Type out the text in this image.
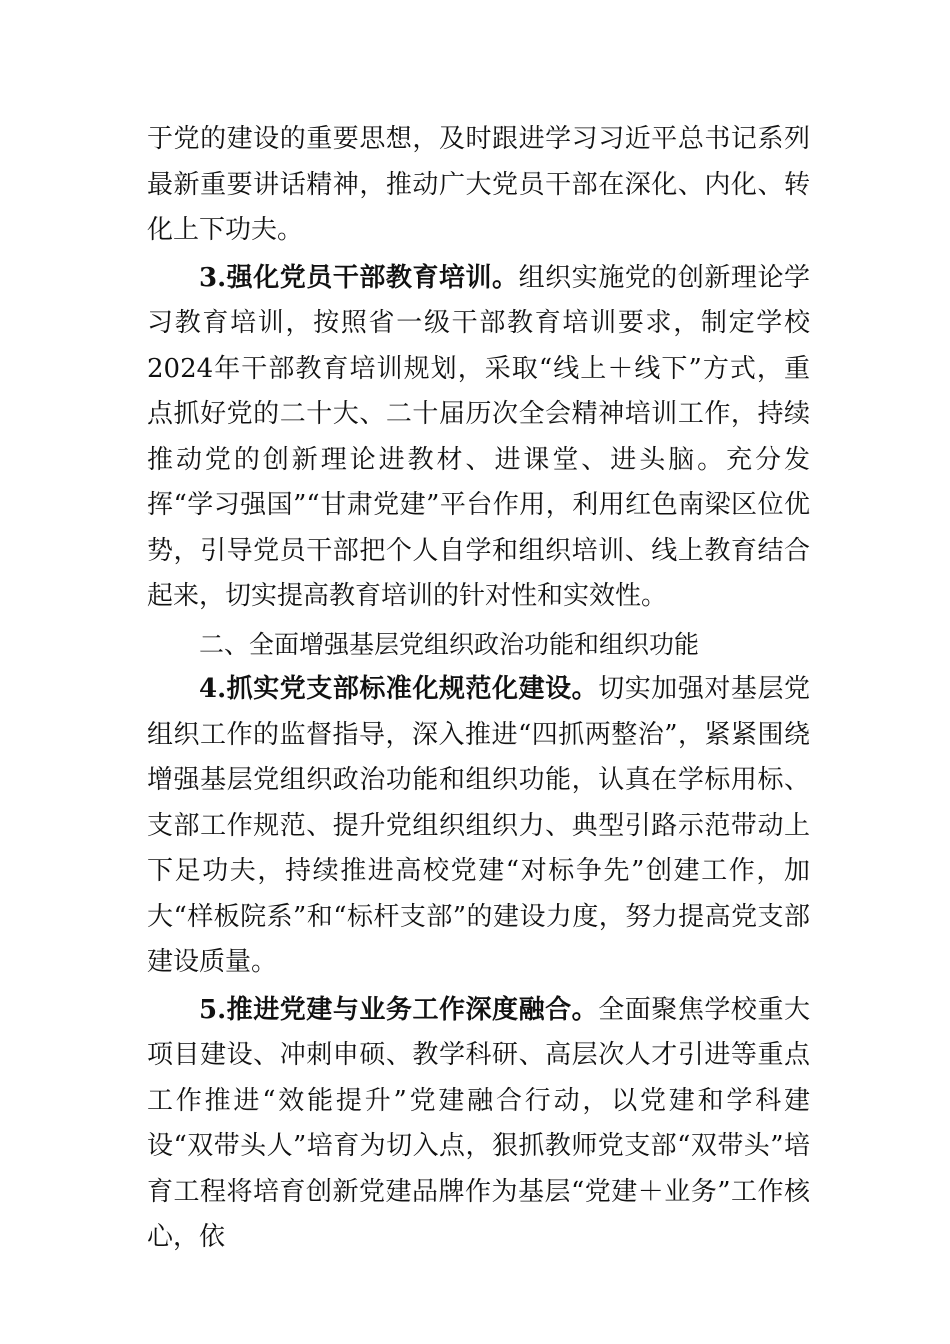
于党的建设的重要思想，及时跟进学习习近平总书记系列最新重要讲话精神，推动广大党员干部在深化、内化、转化上下功夫。

3.强化党员干部教育培训。组织实施党的创新理论学习教育培训，按照省一级干部教育培训要求，制定学校2024年干部教育培训规划，采取“线上＋线下”方式，重点抓好党的二十大、二十届历次全会精神培训工作，持续推动党的创新理论进教材、进课堂、进头脑。充分发挥“学习强国”“甘肃党建”平台作用，利用红色南梁区位优势，引导党员干部把个人自学和组织培训、线上教育结合起来，切实提高教育培训的针对性和实效性。

二、全面增强基层党组织政治功能和组织功能

4.抓实党支部标准化规范化建设。切实加强对基层党组织工作的监督指导，深入推进“四抓两整治”，紧紧围绕增强基层党组织政治功能和组织功能，认真在学标用标、支部工作规范、提升党组织组织力、典型引路示范带动上下足功夫，持续推进高校党建“对标争先”创建工作，加大“样板院系”和“标杆支部”的建设力度，努力提高党支部建设质量。

5.推进党建与业务工作深度融合。全面聚焦学校重大项目建设、冲刺申硕、教学科研、高层次人才引进等重点工作推进“效能提升”党建融合行动，以党建和学科建设“双带头人”培育为切入点，狠抓教师党支部“双带头”培育工程将培育创新党建品牌作为基层“党建＋业务”工作核心，依
